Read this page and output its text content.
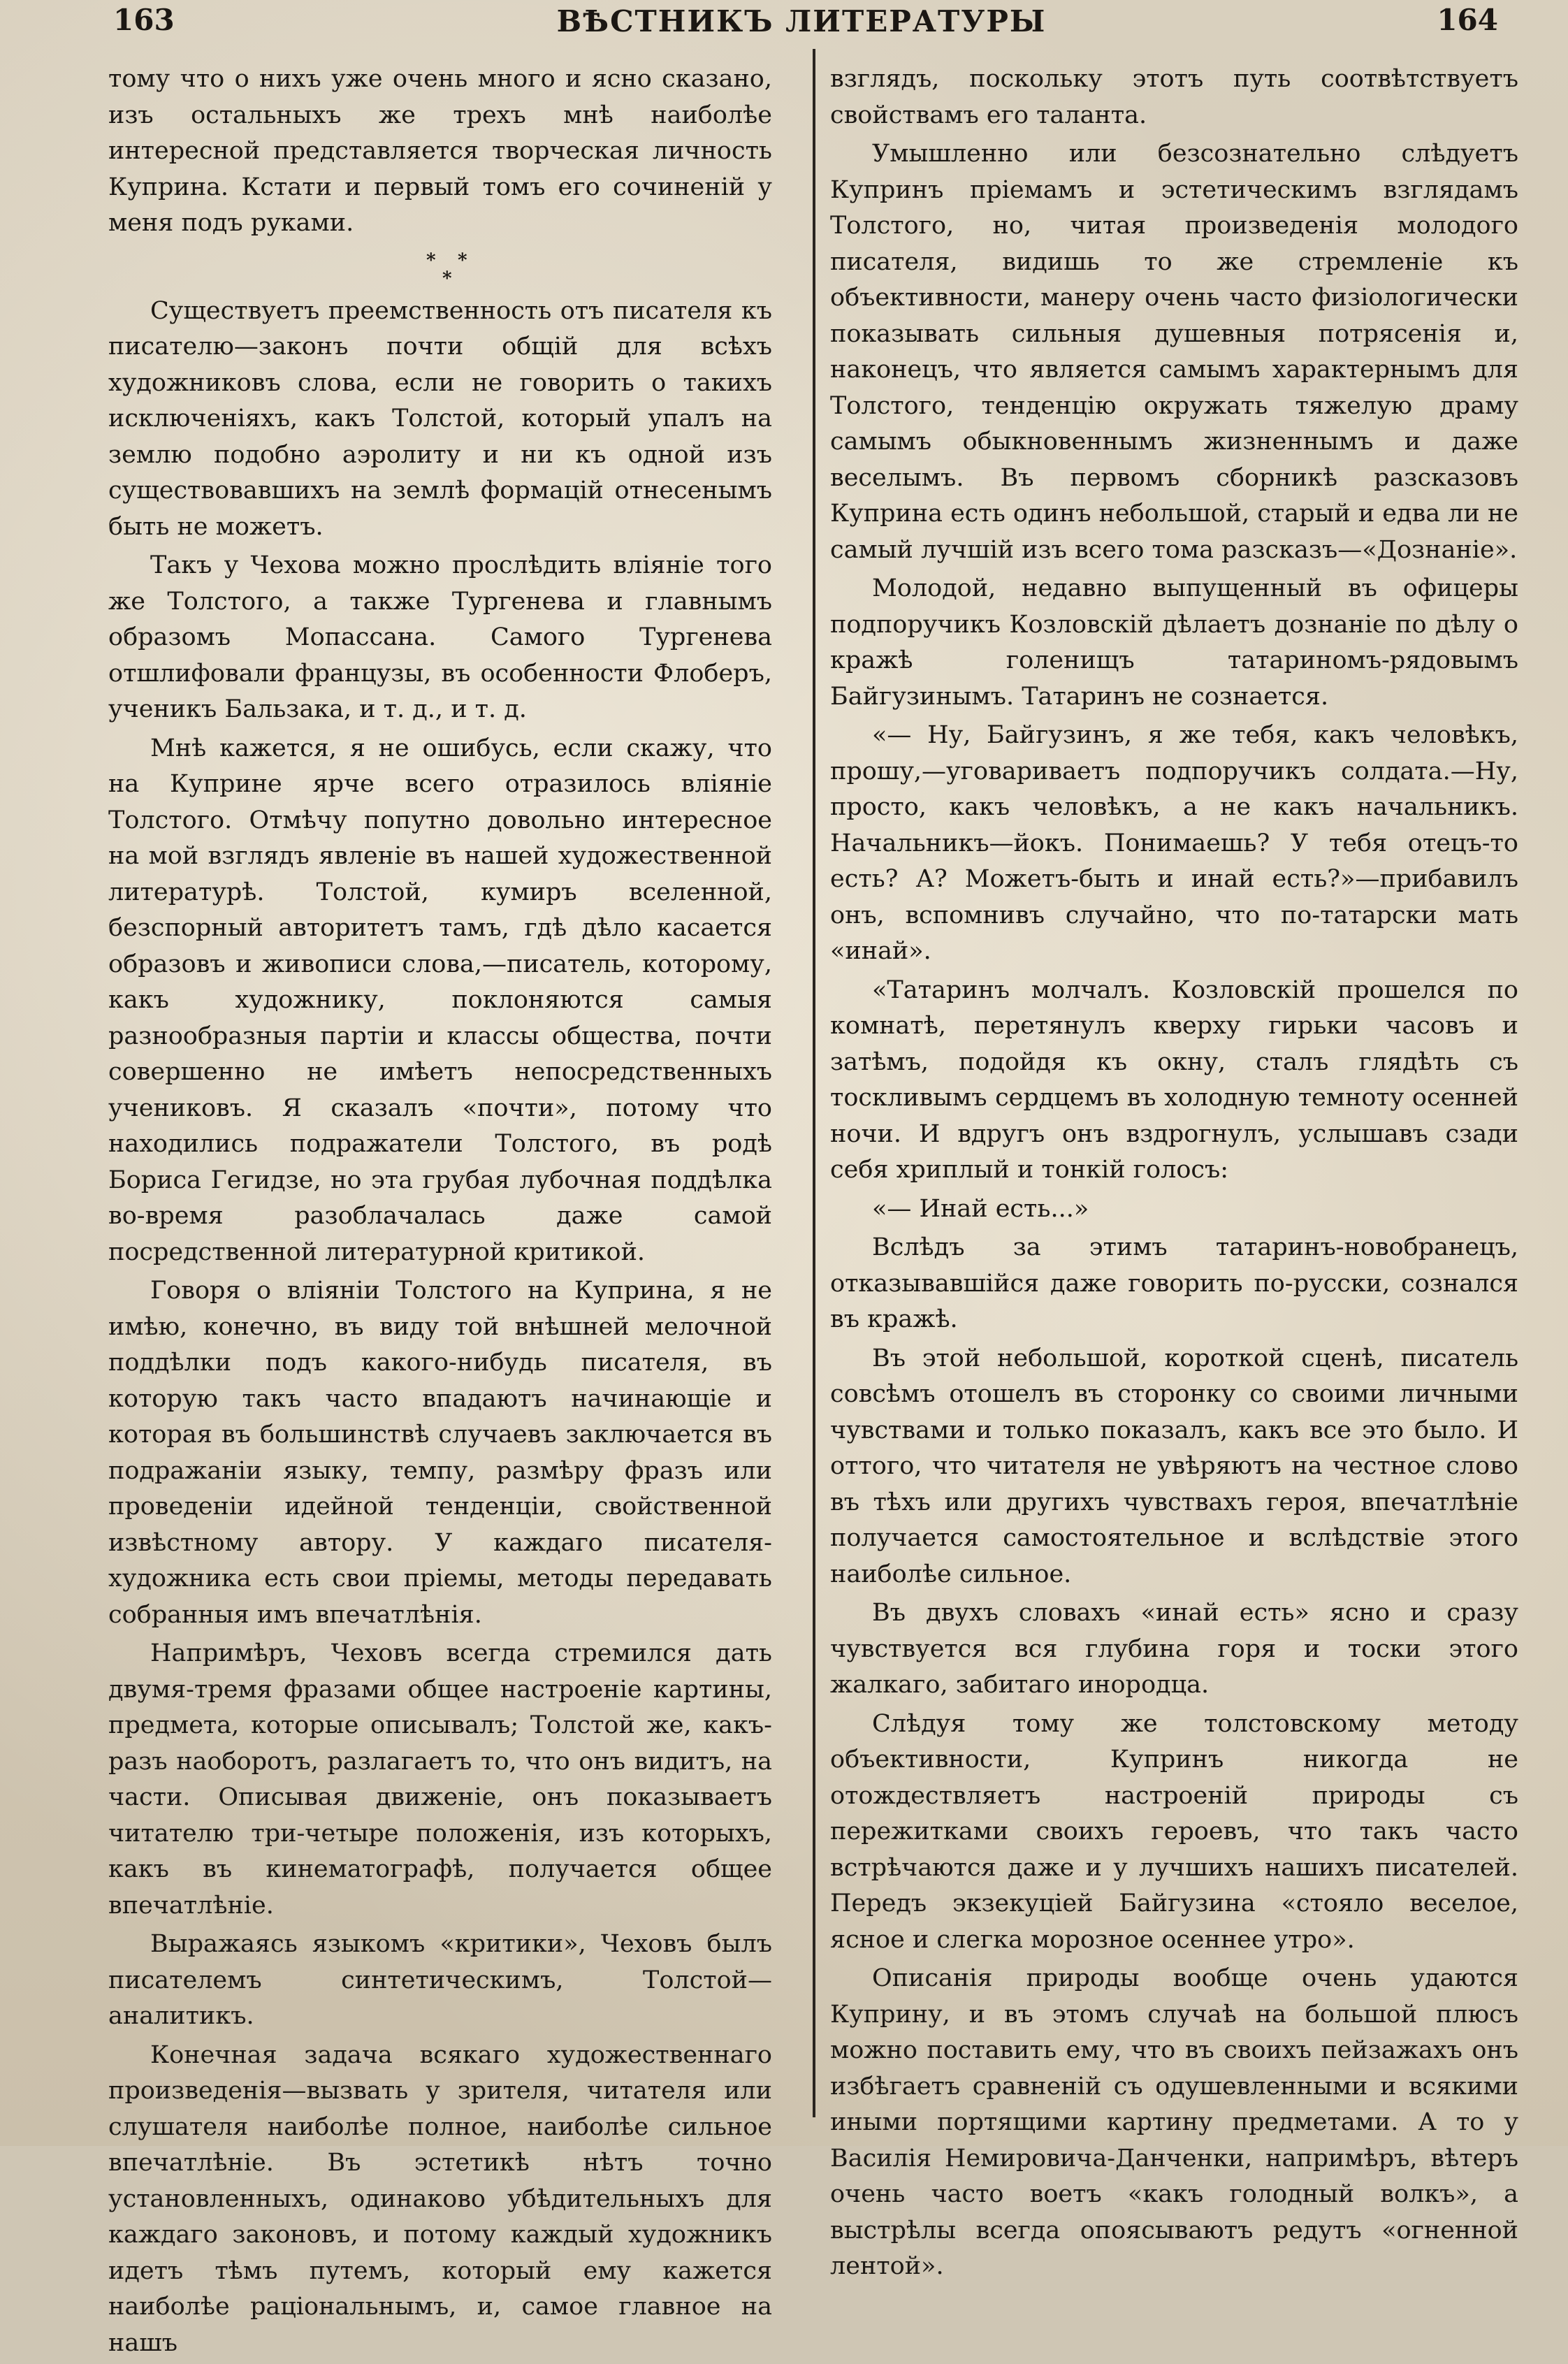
163	ВѢСТНИКЪ ЛИТЕРАТУРЫ	164

тому что о нихъ уже очень много и ясно сказано, изъ остальныхъ же трехъ мнѣ наиболѣе интересной представляется творческая личность Куприна. Кстати и первый томъ его сочиненій у меня подъ руками.

* *
*

Существуетъ преемственность отъ писателя къ писателю—законъ почти общій для всѣхъ художниковъ слова, если не говорить о такихъ исключеніяхъ, какъ Толстой, который упалъ на землю подобно аэролиту и ни къ одной изъ существовавшихъ на землѣ формацій отнесенымъ быть не можетъ.

Такъ у Чехова можно прослѣдить вліяніе того же Толстого, а также Тургенева и главнымъ образомъ Мопассана. Самого Тургенева отшлифовали французы, въ особенности Флоберъ, ученикъ Бальзака, и т. д., и т. д.

Мнѣ кажется, я не ошибусь, если скажу, что на Куприне ярче всего отразилось вліяніе Толстого. Отмѣчу попутно довольно интересное на мой взглядъ явленіе въ нашей художественной литературѣ. Толстой, кумиръ вселенной, безспорный авторитетъ тамъ, гдѣ дѣло касается образовъ и живописи слова,—писатель, которому, какъ художнику, поклоняются самыя разнообразныя партіи и классы общества, почти совершенно не имѣетъ непосредственныхъ учениковъ. Я сказалъ «почти», потому что находились подражатели Толстого, въ родѣ Бориса Гегидзе, но эта грубая лубочная поддѣлка во-время разоблачалась даже самой посредственной литературной критикой.

Говоря о вліяніи Толстого на Куприна, я не имѣю, конечно, въ виду той внѣшней мелочной поддѣлки подъ какого-нибудь писателя, въ которую такъ часто впадаютъ начинающіе и которая въ большинствѣ случаевъ заключается въ подражаніи языку, темпу, размѣру фразъ или проведеніи идейной тенденціи, свойственной извѣстному автору. У каждаго писателя-художника есть свои пріемы, методы передавать собранныя имъ впечатлѣнія.

Напримѣръ, Чеховъ всегда стремился дать двумя-тремя фразами общее настроеніе картины, предмета, которые описывалъ; Толстой же, какъ-разъ наоборотъ, разлагаетъ то, что онъ видитъ, на части. Описывая движеніе, онъ показываетъ читателю три-четыре положенія, изъ которыхъ, какъ въ кинематографѣ, получается общее впечатлѣніе.

Выражаясь языкомъ «критики», Чеховъ былъ писателемъ синтетическимъ, Толстой—аналитикъ.

Конечная задача всякаго художественнаго произведенія—вызвать у зрителя, читателя или слушателя наиболѣе полное, наиболѣе сильное впечатлѣніе. Въ эстетикѣ нѣтъ точно установленныхъ, одинаково убѣдительныхъ для каждаго законовъ, и потому каждый художникъ идетъ тѣмъ путемъ, который ему кажется наиболѣе раціональнымъ, и, самое главное на нашъ

взглядъ, поскольку этотъ путь соотвѣтствуетъ свойствамъ его таланта.

Умышленно или безсознательно слѣдуетъ Купринъ пріемамъ и эстетическимъ взглядамъ Толстого, но, читая произведенія молодого писателя, видишь то же стремленіе къ объективности, манеру очень часто физіологически показывать сильныя душевныя потрясенія и, наконецъ, что является самымъ характернымъ для Толстого, тенденцію окружать тяжелую драму самымъ обыкновеннымъ жизненнымъ и даже веселымъ. Въ первомъ сборникѣ разсказовъ Куприна есть одинъ небольшой, старый и едва ли не самый лучшій изъ всего тома разсказъ—«Дознаніе».

Молодой, недавно выпущенный въ офицеры подпоручикъ Козловскій дѣлаетъ дознаніе по дѣлу о кражѣ голенищъ татариномъ-рядовымъ Байгузинымъ. Татаринъ не сознается.

«— Ну, Байгузинъ, я же тебя, какъ человѣкъ, прошу,—уговариваетъ подпоручикъ солдата.—Ну, просто, какъ человѣкъ, а не какъ начальникъ. Начальникъ—йокъ. Понимаешь? У тебя отецъ-то есть? А? Можетъ-быть и инай есть?»—прибавилъ онъ, вспомнивъ случайно, что по-татарски мать «инай».

«Татаринъ молчалъ. Козловскій прошелся по комнатѣ, перетянулъ кверху гирьки часовъ и затѣмъ, подойдя къ окну, сталъ глядѣть съ тоскливымъ сердцемъ въ холодную темноту осенней ночи. И вдругъ онъ вздрогнулъ, услышавъ сзади себя хриплый и тонкій голосъ:

«— Инай есть...»

Вслѣдъ за этимъ татаринъ-новобранецъ, отказывавшійся даже говорить по-русски, сознался въ кражѣ.

Въ этой небольшой, короткой сценѣ, писатель совсѣмъ отошелъ въ сторонку со своими личными чувствами и только показалъ, какъ все это было. И оттого, что читателя не увѣряютъ на честное слово въ тѣхъ или другихъ чувствахъ героя, впечатлѣніе получается самостоятельное и вслѣдствіе этого наиболѣе сильное.

Въ двухъ словахъ «инай есть» ясно и сразу чувствуется вся глубина горя и тоски этого жалкаго, забитаго инородца.

Слѣдуя тому же толстовскому методу объективности, Купринъ никогда не отождествляетъ настроеній природы съ пережитками своихъ героевъ, что такъ часто встрѣчаются даже и у лучшихъ нашихъ писателей. Передъ экзекуціей Байгузина «стояло веселое, ясное и слегка морозное осеннее утро».

Описанія природы вообще очень удаются Куприну, и въ этомъ случаѣ на большой плюсъ можно поставить ему, что въ своихъ пейзажахъ онъ избѣгаетъ сравненій съ одушевленными и всякими иными портящими картину предметами. А то у Василія Немировича-Данченки, напримѣръ, вѣтеръ очень часто воетъ «какъ голодный волкъ», а выстрѣлы всегда опоясываютъ редутъ «огненной лентой».
